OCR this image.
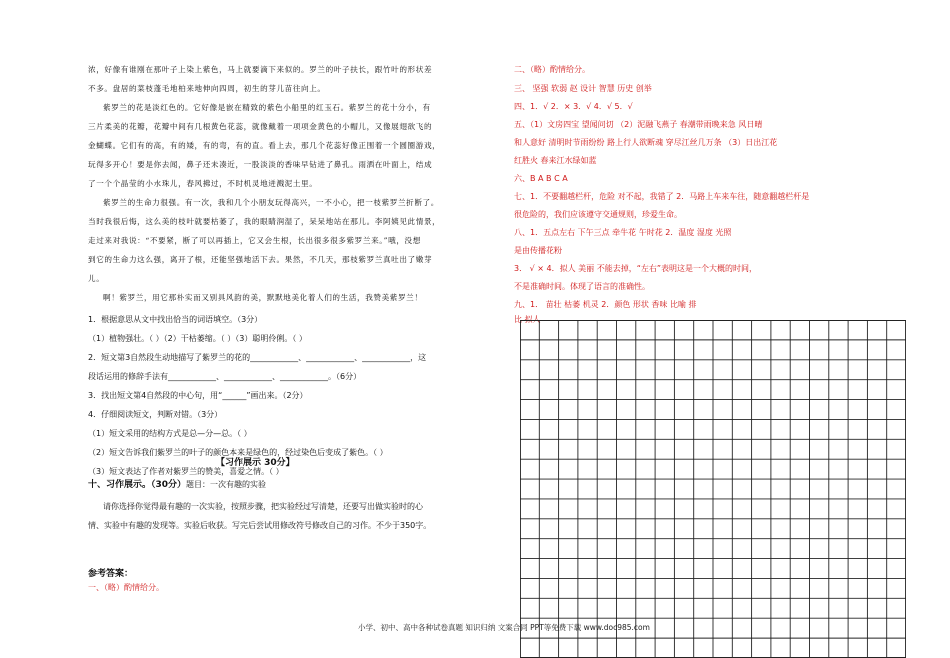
浓，好像有谁刚在那叶子上染上紫色，马上就要滴下来似的。罗兰的叶子扶长，跟竹叶的形状差
不多。盘居的菜枝蓬毛地柏来地伸向四周，初生的芽儿苗往向上。
紫罗兰的花是淡红色的。它好像是嵌在精致的紫色小船里的红玉石。紫罗兰的花十分小，有
三片柔美的花瓣，花瓣中间有几根黄色花蕊，就像戴着一项项金黄色的小帽儿，又像展翅欲飞的
金蝴蝶。它们有的高，有的矮，有的弯，有的直。看上去，那几个花蕊好像正围着一个圆圈游戏，
玩得多开心！要是你去闻，鼻子还未凑近，一股淡淡的香味早钻进了鼻孔。雨洒在叶面上，结成
了一个个晶莹的小水珠儿，春风拂过，不时机灵地迸溅泥土里。
紫罗兰的生命力很强。有一次，我和几个小朋友玩得高兴，一不小心，把一枝紫罗兰折断了。
当时我很后悔，这么美的枝叶就要枯萎了，我的眼睛润湿了，呆呆地站在那儿。李阿姨见此情景，
走过来对我说：“不要紧，断了可以再插上，它又会生根，长出很多很多紫罗兰来。”哦，没想
到它的生命力这么强，离开了根，还能坚强地活下去。果然，不几天，那枝紫罗兰真吐出了嫩芽
儿。
啊！紫罗兰，用它那朴实而又别具风韵的美，默默地美化着人们的生活，我赞美紫罗兰！
1．根据意思从文中找出恰当的词语填空。（3分）
（1）植物强壮。（ ）（2）干枯萎缩。（ ）（3）聪明伶俐。（ ）
2．短文第3自然段生动地描写了紫罗兰的花的____________、____________、____________，这
段话运用的修辞手法有____________、____________、____________。（6分）
3．找出短文第4自然段的中心句，用“______”画出来。（2分）
4．仔细阅读短文，判断对错。（3分）
（1）短文采用的结构方式是总—分—总。（ ）
（2）短文告诉我们紫罗兰的叶子的颜色本来是绿色的，经过染色后变成了紫色。（ ）
（3）短文表达了作者对紫罗兰的赞美，喜爱之情。（ ）
【习作展示 30分】
十、习作展示。（30分）题目：一次有趣的实验
请你选择你觉得最有趣的一次实验，按照步骤，把实验经过写清楚，还要写出做实验时的心
情、实验中有趣的发现等。实验后收获。写完后尝试用修改符号修改自己的习作。不少于350字。
参考答案：
一、（略）酌情给分。
二、（略）酌情给分。
三、 坚强 软弱 赵 设计 智慧 历史 创举
四、1．√ 2．× 3．√ 4．√ 5．√
五、（1）文房四宝 望闻问切 （2）泥融飞燕子 春潮带雨晚来急 风日晴
和人意好 清明时节雨纷纷 路上行人欲断魂 穿尽江丝几万条 （3）日出江花
红胜火 春来江水绿如蓝
六、B A B C A
七、1．不要翻越栏杆，危险 对不起，我错了 2．马路上车来车往，随意翻越栏杆是
很危险的，我们应该遵守交通规则，珍爱生命。
八、1．五点左右 下午三点 牵牛花 午时花 2．温度 湿度 光照
是由传播花粉
3． √ × 4．拟人 美丽 不能去掉，“左右”表明这是一个大概的时间，
不是准确时间。体现了语言的准确性。
九、1． 苗壮 枯萎 机灵 2．颜色 形状 香味 比喻 排
比 拟人
小学、初中、高中各种试卷真题 知识归纳 文案合同 PPT等免费下载 www.doc985.com
